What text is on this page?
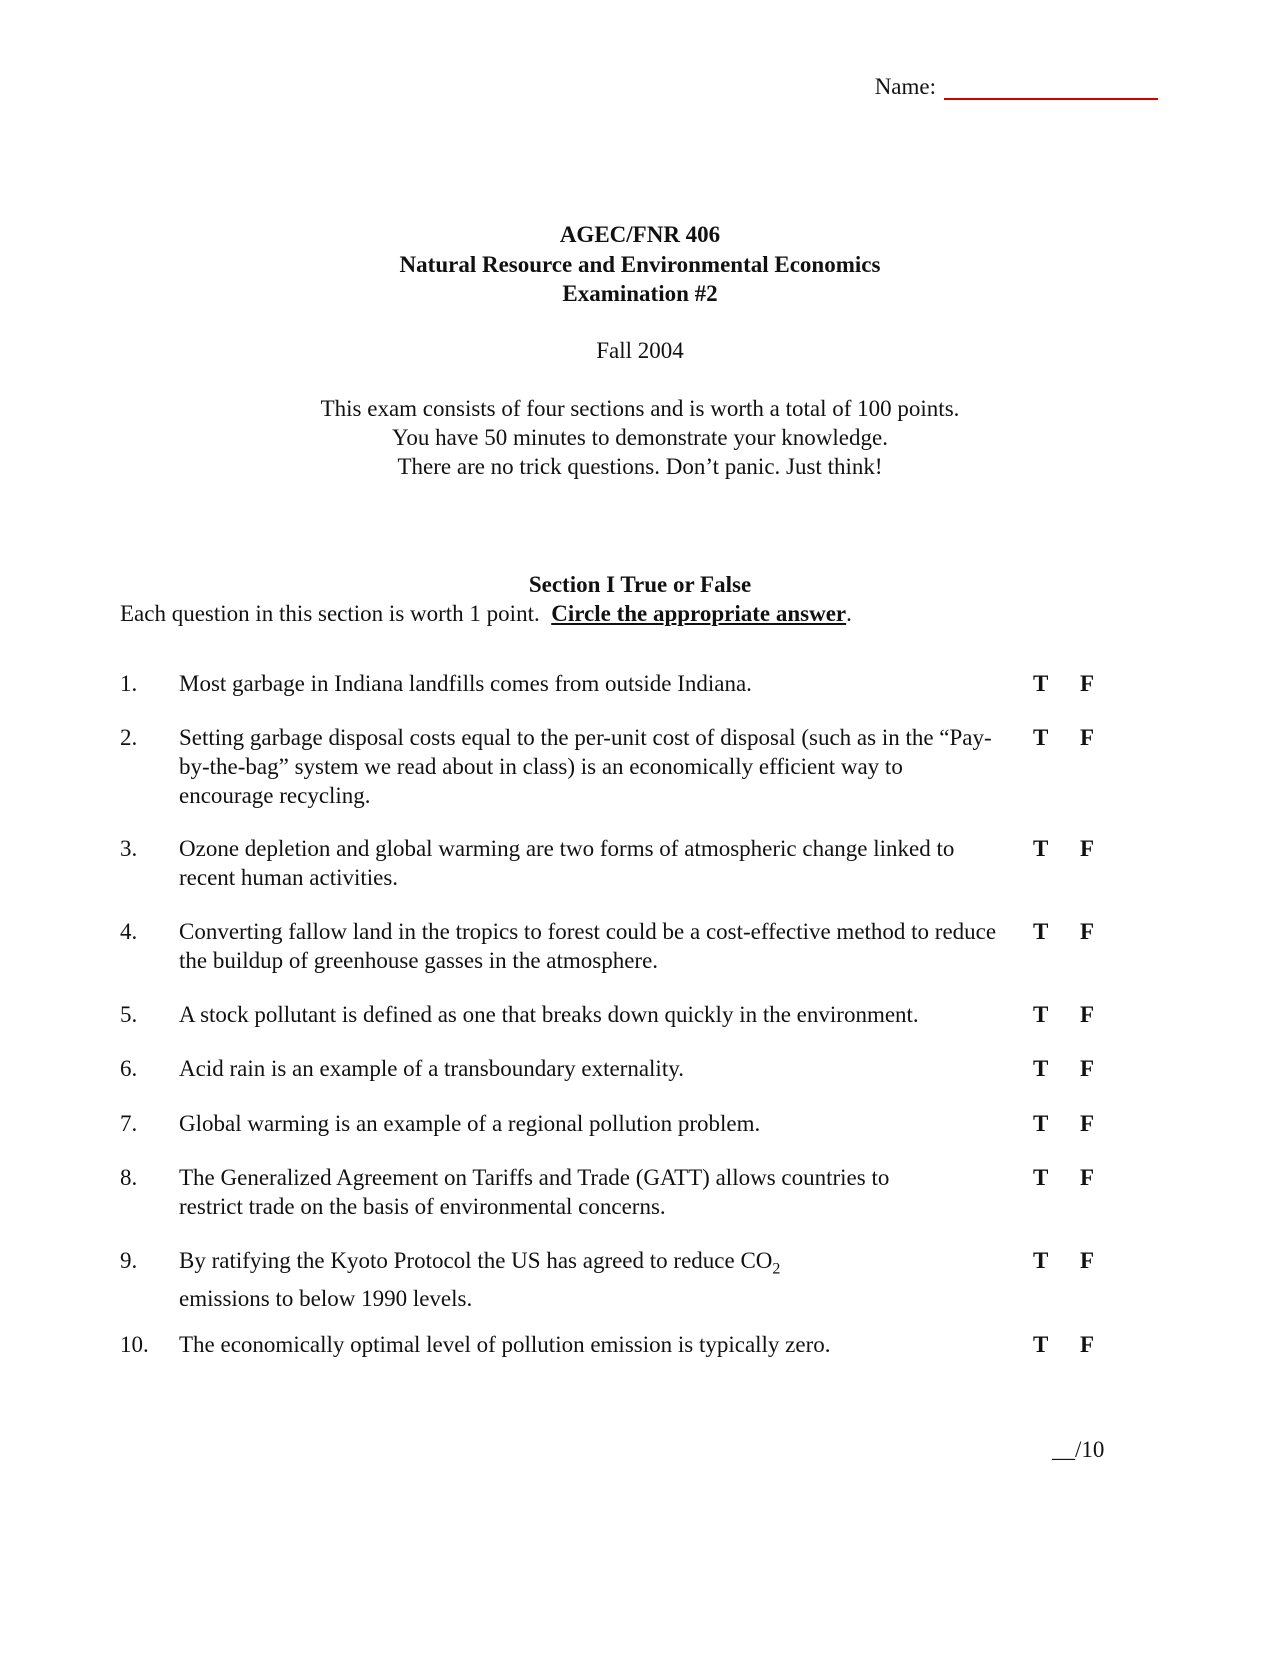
Name:
AGEC/FNR 406
Natural Resource and Environmental Economics
Examination #2
Fall 2004
This exam consists of four sections and is worth a total of 100 points.
You have 50 minutes to demonstrate your knowledge.
There are no trick questions. Don’t panic. Just think!
Section I True or False
Each question in this section is worth 1 point. Circle the appropriate answer.
1. Most garbage in Indiana landfills comes from outside Indiana.	T F
2. Setting garbage disposal costs equal to the per-unit cost of disposal (such as in the “Pay-by-the-bag” system we read about in class) is an economically efficient way to encourage recycling.
T F
3. Ozone depletion and global warming are two forms of atmospheric change linked to recent human activities.
T F
4. Converting fallow land in the tropics to forest could be a cost-effective method to reduce the buildup of greenhouse gasses in the atmosphere.
T F
5. A stock pollutant is defined as one that breaks down quickly in the environment.	T F
6. Acid rain is an example of a transboundary externality.	T F
7. Global warming is an example of a regional pollution problem.	T F
8. The Generalized Agreement on Tariffs and Trade (GATT) allows countries to restrict trade on the basis of environmental concerns.
T F
9. By ratifying the Kyoto Protocol the US has agreed to reduce $CO_2$
emissions to below 1990 levels.
T F
10. The economically optimal level of pollution emission is typically zero.	T F
__/10
